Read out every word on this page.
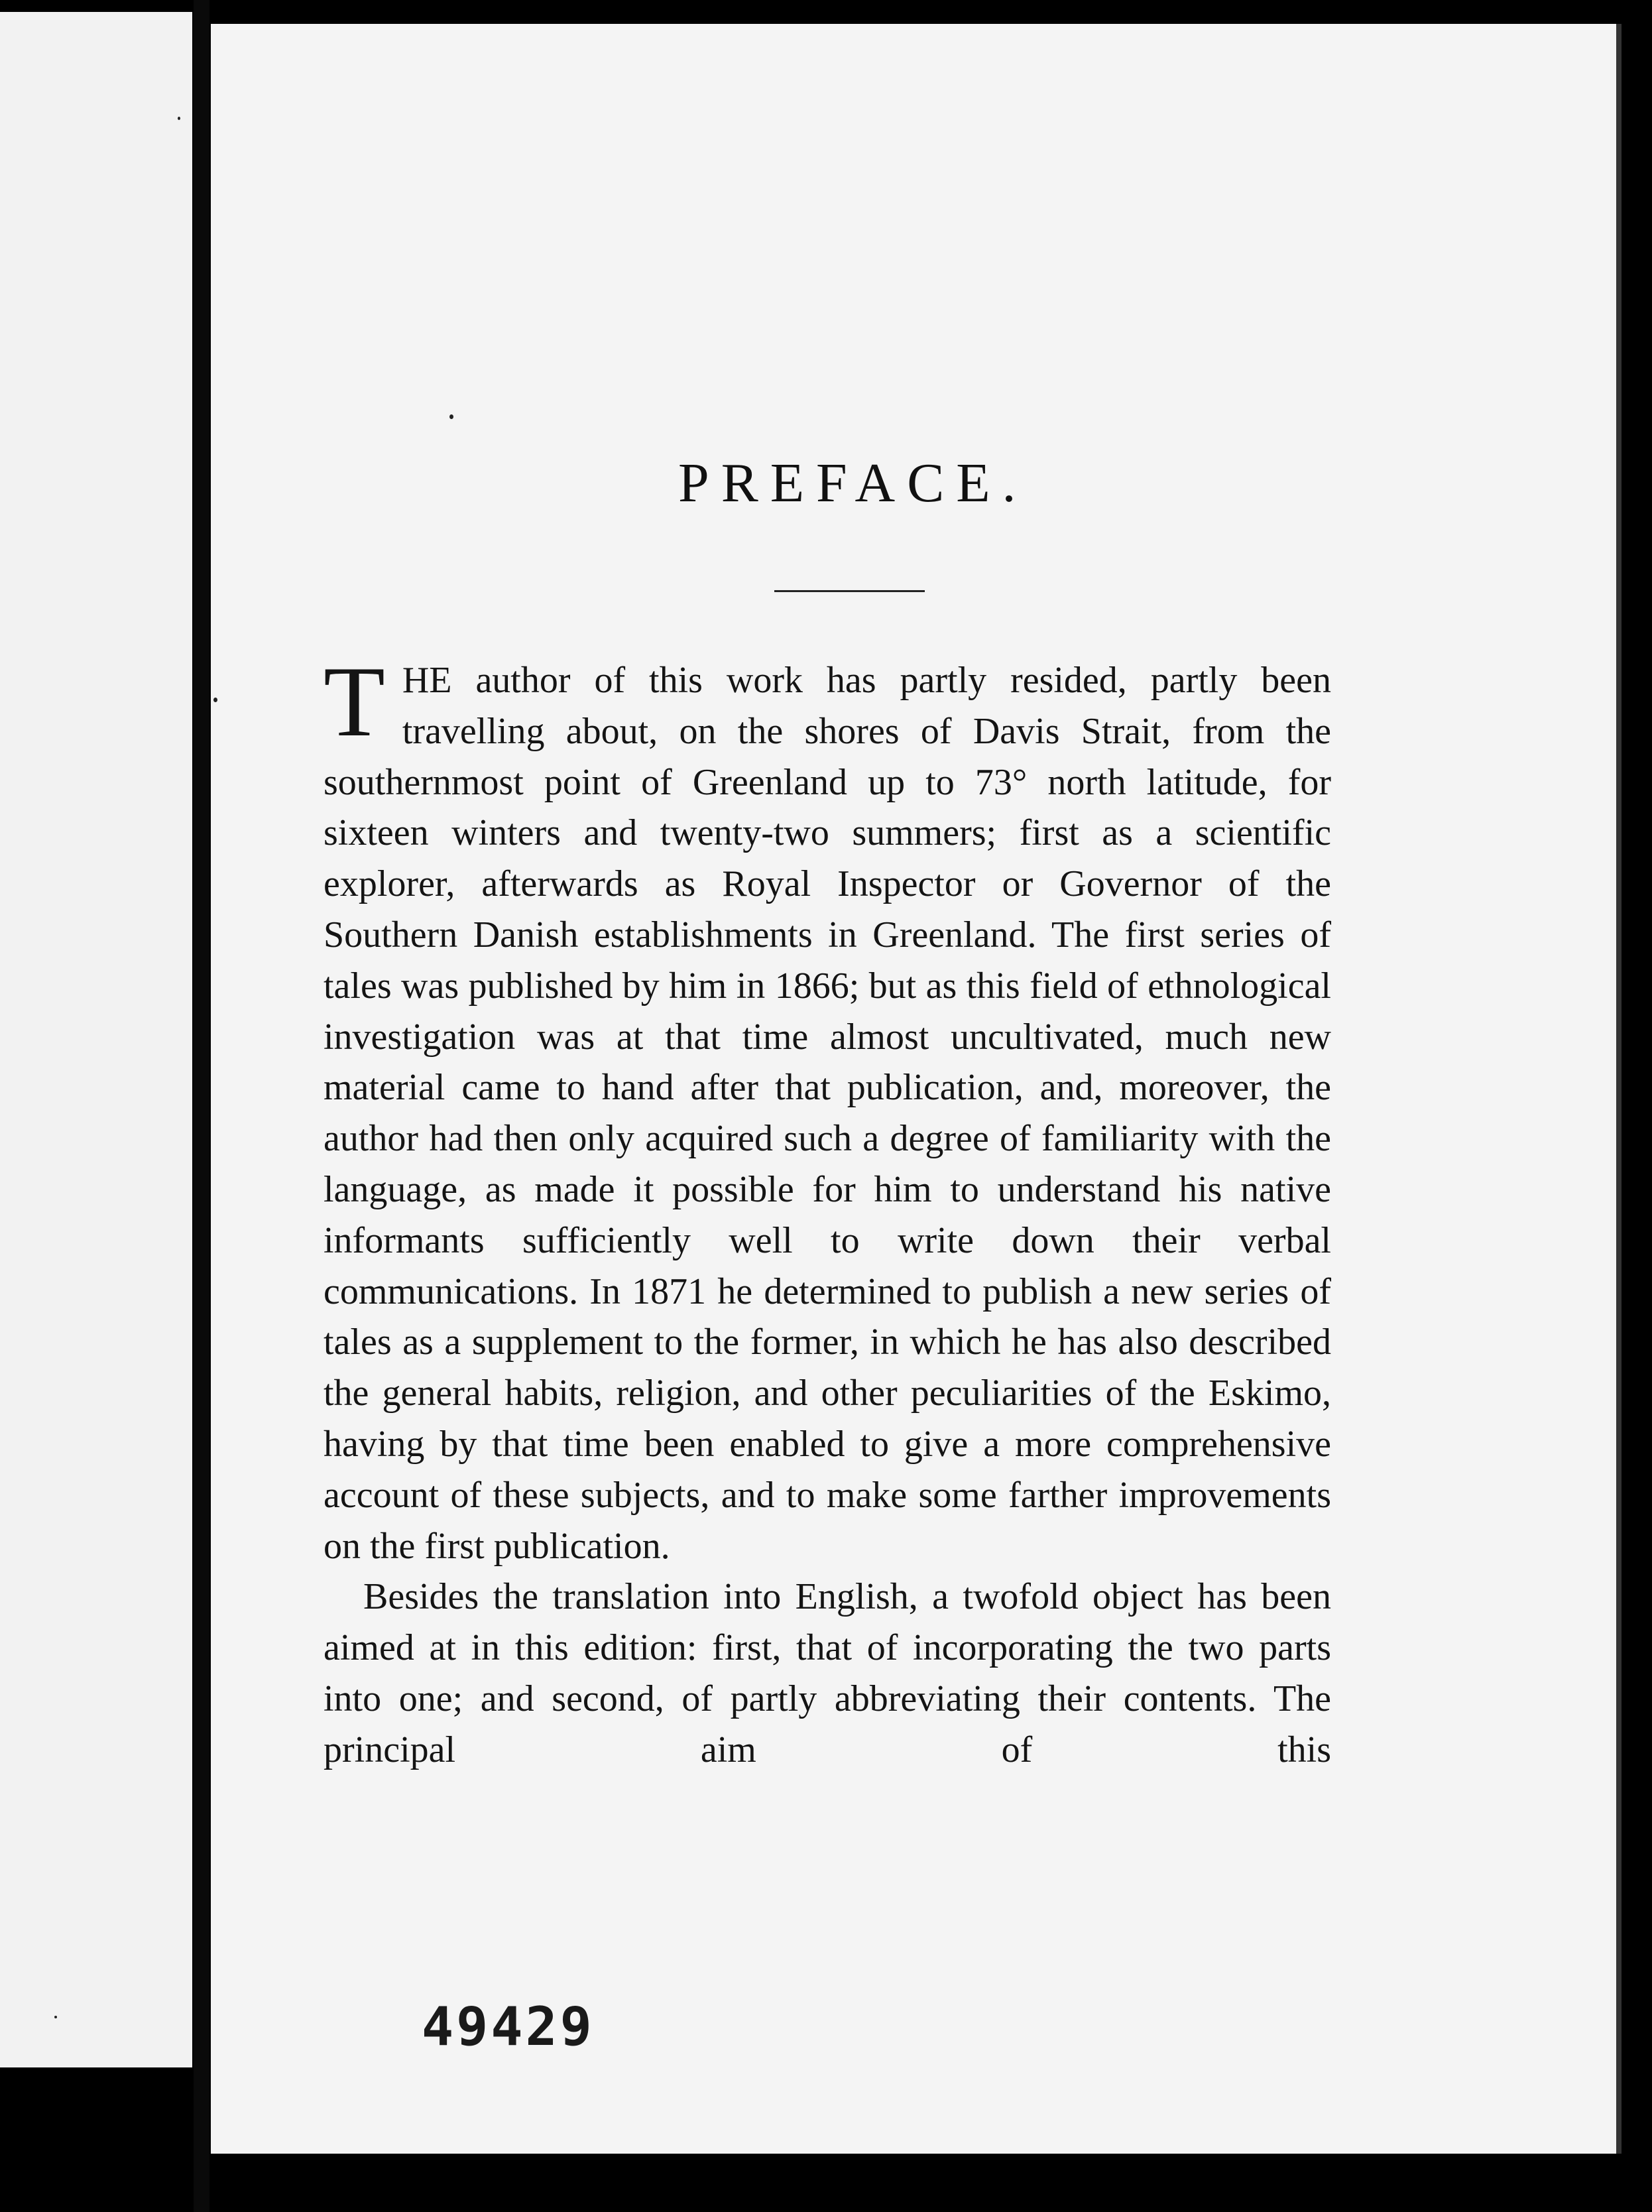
PREFACE.

THE author of this work has partly resided, partly been travelling about, on the shores of Davis Strait, from the southernmost point of Greenland up to 73° north latitude, for sixteen winters and twenty-two summers; first as a scientific explorer, afterwards as Royal Inspector or Governor of the Southern Danish establishments in Greenland. The first series of tales was published by him in 1866; but as this field of ethnological investigation was at that time almost uncultivated, much new material came to hand after that publication, and, moreover, the author had then only acquired such a degree of familiarity with the language, as made it possible for him to understand his native informants sufficiently well to write down their verbal communications. In 1871 he determined to publish a new series of tales as a supplement to the former, in which he has also described the general habits, religion, and other peculiarities of the Eskimo, having by that time been enabled to give a more comprehensive account of these subjects, and to make some farther improvements on the first publication.

Besides the translation into English, a twofold object has been aimed at in this edition: first, that of incorporating the two parts into one; and second, of partly abbreviating their contents. The principal aim of this

49429
